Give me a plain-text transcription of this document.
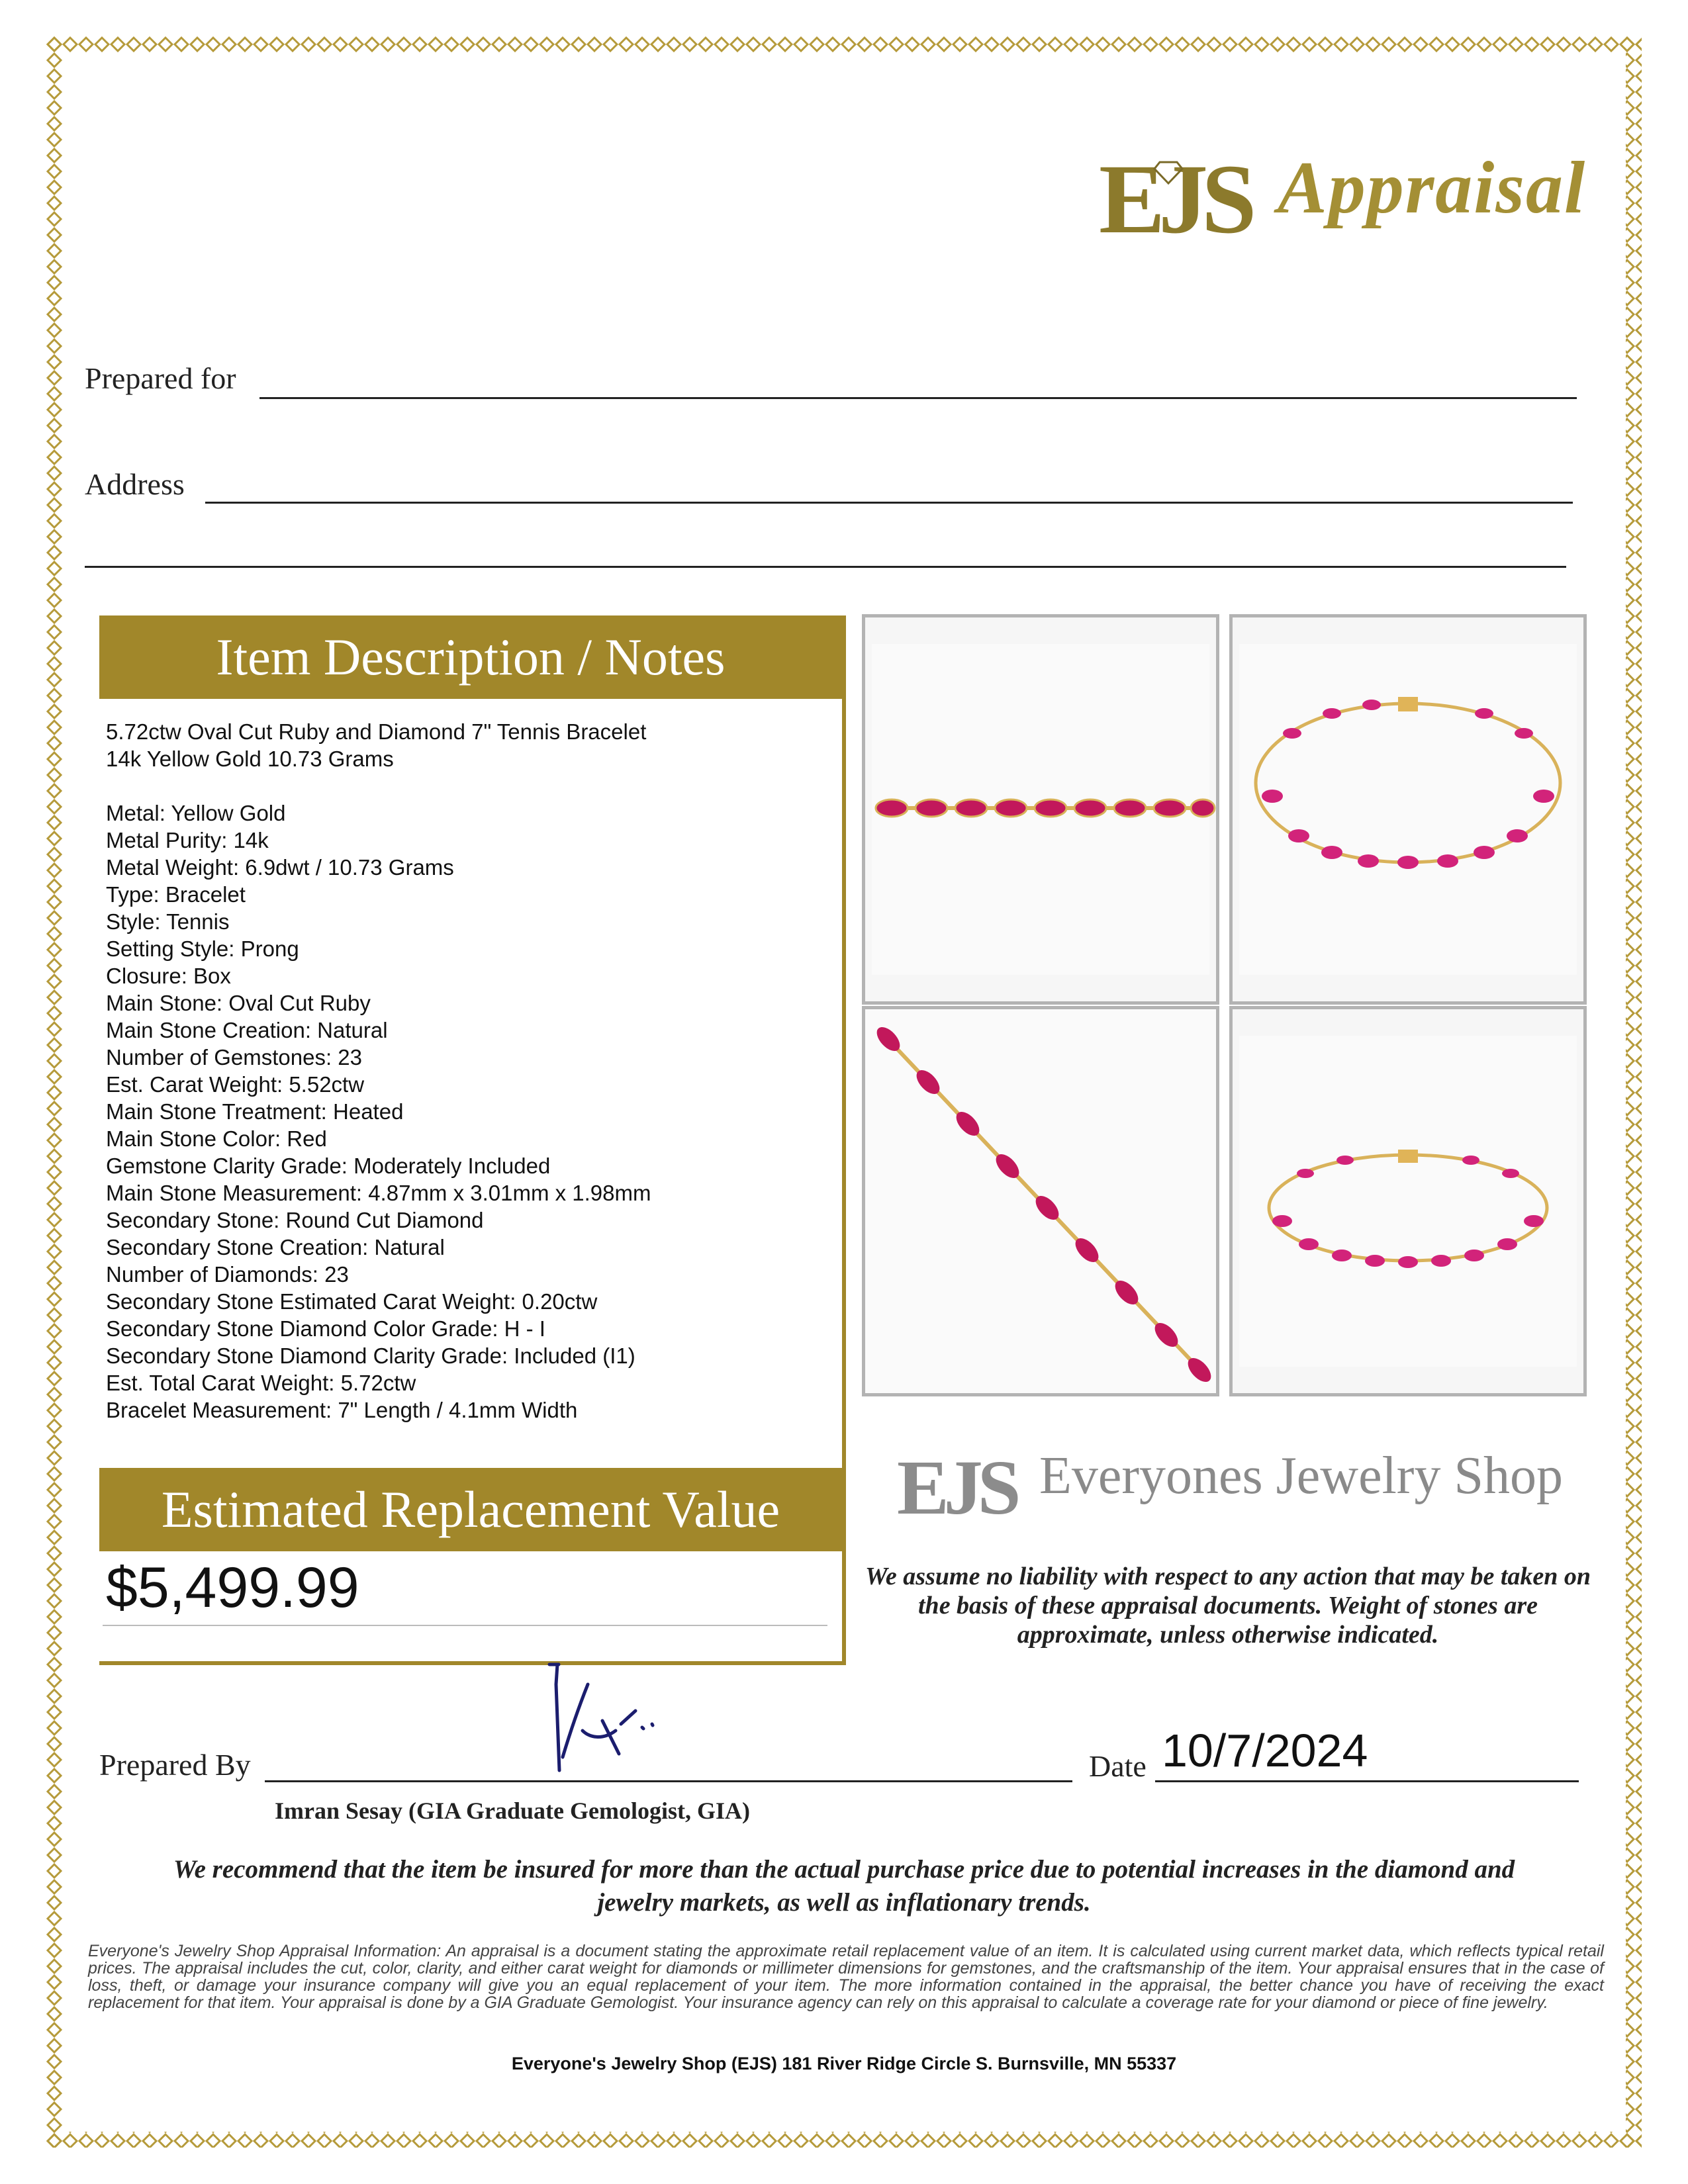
EJS Appraisal
Prepared for
Address
Item Description / Notes
5.72ctw Oval Cut Ruby and Diamond 7" Tennis Bracelet
14k Yellow Gold 10.73 Grams
Metal: Yellow Gold
Metal Purity: 14k
Metal Weight: 6.9dwt / 10.73 Grams
Type: Bracelet
Style: Tennis
Setting Style: Prong
Closure: Box
Main Stone: Oval Cut Ruby
Main Stone Creation: Natural
Number of Gemstones: 23
Est. Carat Weight: 5.52ctw
Main Stone Treatment: Heated
Main Stone Color: Red
Gemstone Clarity Grade: Moderately Included
Main Stone Measurement: 4.87mm x 3.01mm x 1.98mm
Secondary Stone: Round Cut Diamond
Secondary Stone Creation: Natural
Number of Diamonds: 23
Secondary Stone Estimated Carat Weight: 0.20ctw
Secondary Stone Diamond Color Grade: H - I
Secondary Stone Diamond Clarity Grade: Included (I1)
Est. Total Carat Weight: 5.72ctw
Bracelet Measurement: 7" Length / 4.1mm Width
Estimated Replacement Value
$5,499.99
EJS Everyones Jewelry Shop
We assume no liability with respect to any action that may be taken on the basis of these appraisal documents. Weight of stones are approximate, unless otherwise indicated.
Prepared By
Imran Sesay (GIA Graduate Gemologist, GIA)
Date 10/7/2024
We recommend that the item be insured for more than the actual purchase price due to potential increases in the diamond and jewelry markets, as well as inflationary trends.
Everyone's Jewelry Shop Appraisal Information: An appraisal is a document stating the approximate retail replacement value of an item. It is calculated using current market data, which reflects typical retail prices. The appraisal includes the cut, color, clarity, and either carat weight for diamonds or millimeter dimensions for gemstones, and the craftsmanship of the item. Your appraisal ensures that in the case of loss, theft, or damage your insurance company will give you an equal replacement of your item. The more information contained in the appraisal, the better chance you have of receiving the exact replacement for that item. Your appraisal is done by a GIA Graduate Gemologist. Your insurance agency can rely on this appraisal to calculate a coverage rate for your diamond or piece of fine jewelry.
Everyone's Jewelry Shop (EJS) 181 River Ridge Circle S. Burnsville, MN 55337
